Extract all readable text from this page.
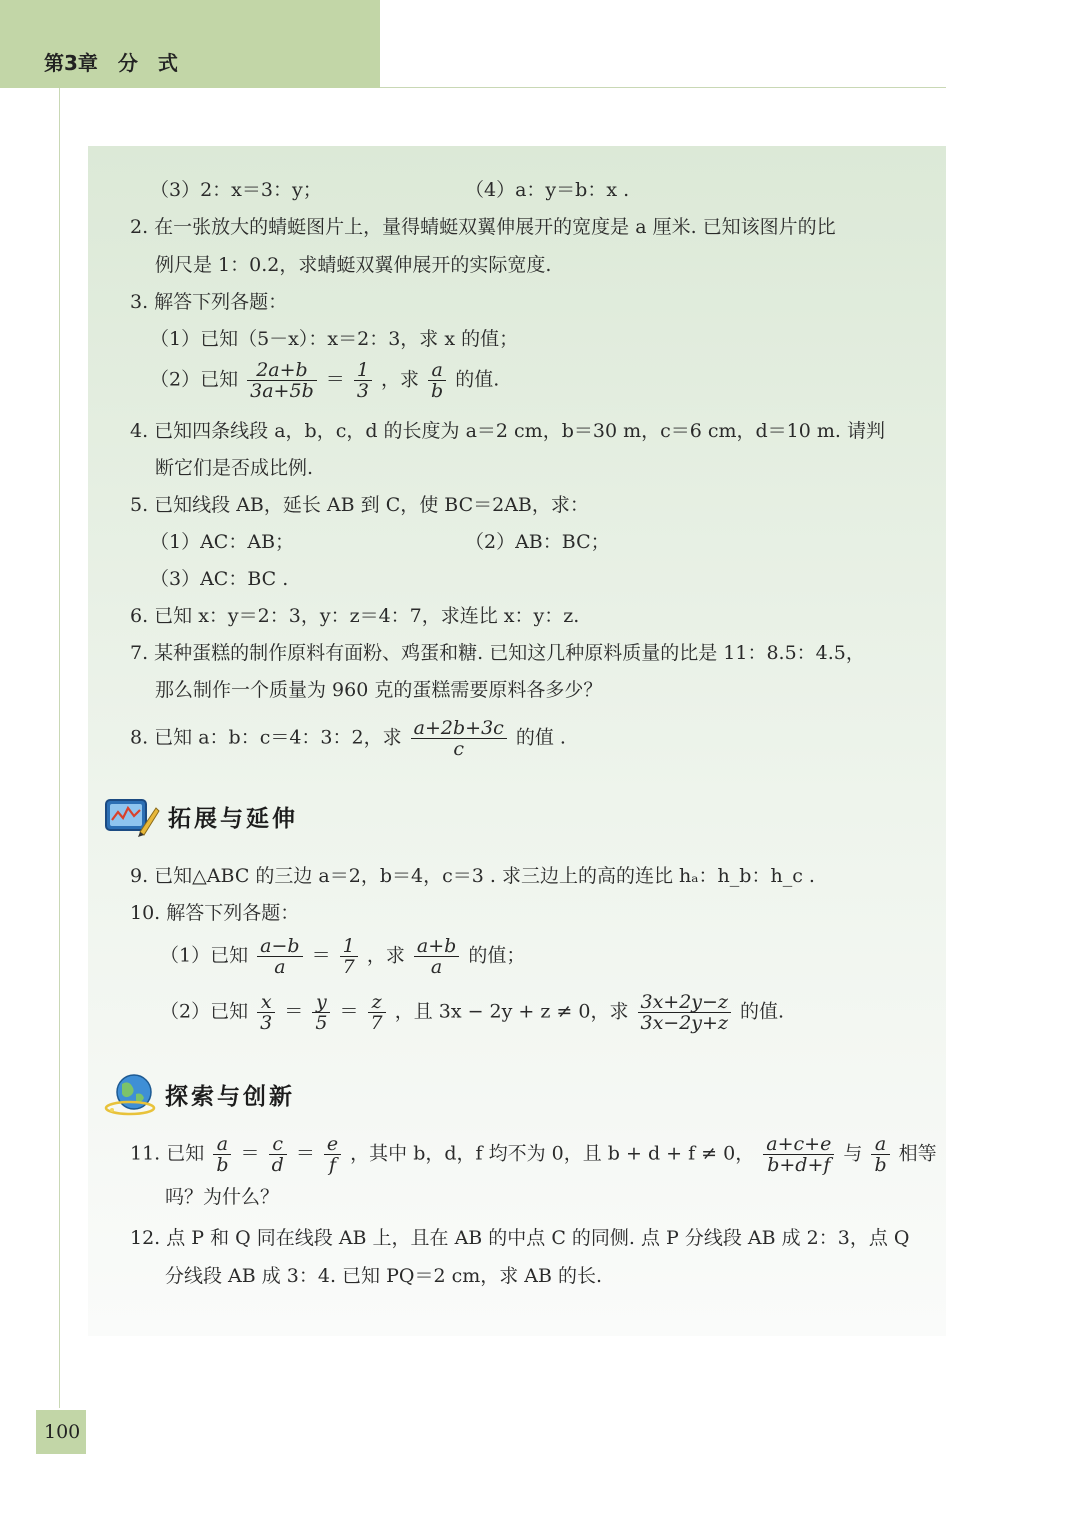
第3章　分　式
（3）2：x＝3：y；	（4）a：y＝b：x .
2. 在一张放大的蜻蜓图片上，量得蜻蜓双翼伸展开的宽度是 a 厘米. 已知该图片的比
例尺是 1：0.2，求蜻蜓双翼伸展开的实际宽度.
3. 解答下列各题：
（1）已知（5－x）：x＝2：3，求 x 的值；
（2）已知 $\frac{2a+b}{3a+5b} = \frac{1}{3}$ ，求 $\frac{a}{b}$ 的值.
4. 已知四条线段 a，b，c，d 的长度为 a＝2 cm，b＝30 m，c＝6 cm，d＝10 m. 请判
断它们是否成比例.
5. 已知线段 AB，延长 AB 到 C，使 BC＝2AB，求：
（1）AC：AB；	（2）AB：BC；
（3）AC：BC .
6. 已知 x：y＝2：3，y：z＝4：7，求连比 x：y：z.
7. 某种蛋糕的制作原料有面粉、鸡蛋和糖. 已知这几种原料质量的比是 11：8.5：4.5，
那么制作一个质量为 960 克的蛋糕需要原料各多少？
8. 已知 a：b：c＝4：3：2，求 $\frac{a+2b+3c}{c}$ 的值 .
拓展与延伸
9. 已知△ABC 的三边 a＝2，b＝4，c＝3 . 求三边上的高的连比 hₐ：h_b：h_c .
10. 解答下列各题：
（1）已知 $\frac{a-b}{a} = \frac{1}{7}$ ，求 $\frac{a+b}{a}$ 的值；
（2）已知 $\frac{x}{3} = \frac{y}{5} = \frac{z}{7}$ ，且 3x − 2y + z ≠ 0，求 $\frac{3x+2y-z}{3x-2y+z}$ 的值.
探索与创新
11. 已知 $\frac{a}{b} = \frac{c}{d} = \frac{e}{f}$ ，其中 b，d，f 均不为 0，且 b + d + f ≠ 0， $\frac{a+c+e}{b+d+f}$ 与 $\frac{a}{b}$ 相等
吗？为什么？
12. 点 P 和 Q 同在线段 AB 上，且在 AB 的中点 C 的同侧. 点 P 分线段 AB 成 2：3，点 Q
分线段 AB 成 3：4. 已知 PQ＝2 cm，求 AB 的长.
100
